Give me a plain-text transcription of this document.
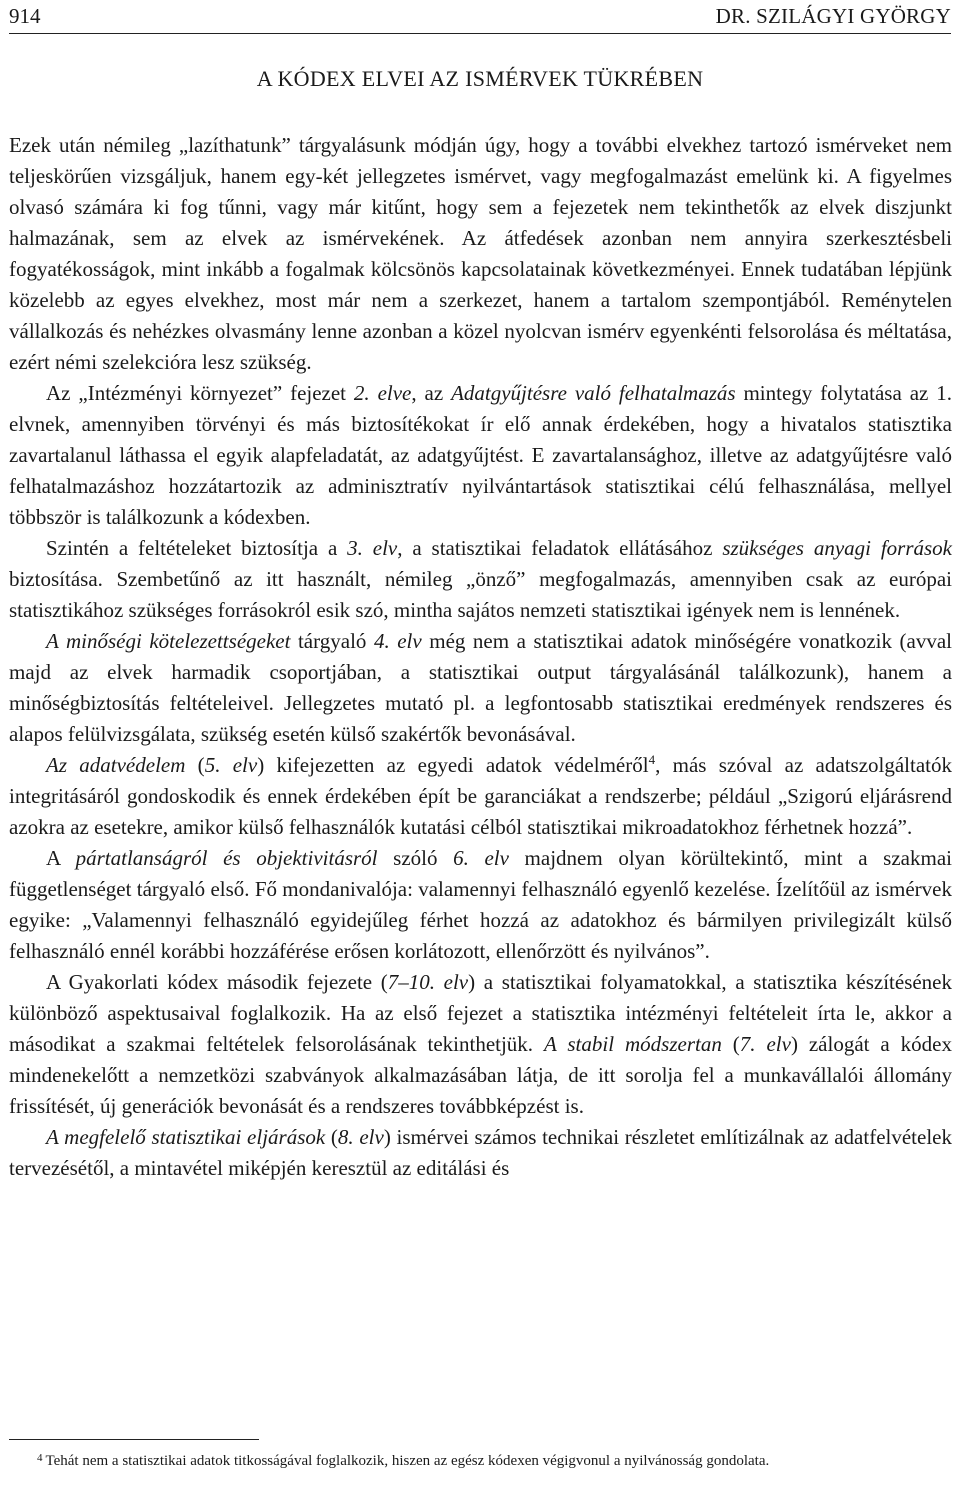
914	DR. SZILÁGYI GYÖRGY
A KÓDEX ELVEI AZ ISMÉRVEK TÜKRÉBEN

Ezek után némileg „lazíthatunk” tárgyalásunk módján úgy, hogy a további elvekhez tartozó ismérveket nem teljeskörűen vizsgáljuk, hanem egy-két jellegzetes ismérvet, vagy megfogalmazást emelünk ki. A figyelmes olvasó számára ki fog tűnni, vagy már kitűnt, hogy sem a fejezetek nem tekinthetők az elvek diszjunkt halmazának, sem az elvek az ismérvekének. Az átfedések azonban nem annyira szerkesztésbeli fogyatékosságok, mint inkább a fogalmak kölcsönös kapcsolatainak következményei. Ennek tudatában lépjünk közelebb az egyes elvekhez, most már nem a szerkezet, hanem a tartalom szempontjából. Reménytelen vállalkozás és nehézkes olvasmány lenne azonban a közel nyolcvan ismérv egyenkénti felsorolása és méltatása, ezért némi szelekcióra lesz szükség.

Az „Intézményi környezet” fejezet 2. elve, az Adatgyűjtésre való felhatalmazás mintegy folytatása az 1. elvnek, amennyiben törvényi és más biztosítékokat ír elő annak érdekében, hogy a hivatalos statisztika zavartalanul láthassa el egyik alapfeladatát, az adatgyűjtést. E zavartalansághoz, illetve az adatgyűjtésre való felhatalmazáshoz hozzátartozik az adminisztratív nyilvántartások statisztikai célú felhasználása, mellyel többször is találkozunk a kódexben.

Szintén a feltételeket biztosítja a 3. elv, a statisztikai feladatok ellátásához szükséges anyagi források biztosítása. Szembetűnő az itt használt, némileg „önző” megfogalmazás, amennyiben csak az európai statisztikához szükséges forrásokról esik szó, mintha sajátos nemzeti statisztikai igények nem is lennének.

A minőségi kötelezettségeket tárgyaló 4. elv még nem a statisztikai adatok minőségére vonatkozik (avval majd az elvek harmadik csoportjában, a statisztikai output tárgyalásánál találkozunk), hanem a minőségbiztosítás feltételeivel. Jellegzetes mutató pl. a legfontosabb statisztikai eredmények rendszeres és alapos felülvizsgálata, szükség esetén külső szakértők bevonásával.

Az adatvédelem (5. elv) kifejezetten az egyedi adatok védelméről$^4$, más szóval az adatszolgáltatók integritásáról gondoskodik és ennek érdekében épít be garanciákat a rendszerbe; például „Szigorú eljárásrend azokra az esetekre, amikor külső felhasználók kutatási célból statisztikai mikroadatokhoz férhetnek hozzá”.

A pártatlanságról és objektivitásról szóló 6. elv majdnem olyan körültekintő, mint a szakmai függetlenséget tárgyaló első. Fő mondanivalója: valamennyi felhasználó egyenlő kezelése. Ízelítőül az ismérvek egyike: „Valamennyi felhasználó egyidejűleg férhet hozzá az adatokhoz és bármilyen privilegizált külső felhasználó ennél korábbi hozzáférése erősen korlátozott, ellenőrzött és nyilvános”.

A Gyakorlati kódex második fejezete (7–10. elv) a statisztikai folyamatokkal, a statisztika készítésének különböző aspektusaival foglalkozik. Ha az első fejezet a statisztika intézményi feltételeit írta le, akkor a másodikat a szakmai feltételek felsorolásának tekinthetjük. A stabil módszertan (7. elv) zálogát a kódex mindenekelőtt a nemzetközi szabványok alkalmazásában látja, de itt sorolja fel a munkavállalói állomány frissítését, új generációk bevonását és a rendszeres továbbképzést is.

A megfelelő statisztikai eljárások (8. elv) ismérvei számos technikai részletet említizálnak az adatfelvételek tervezésétől, a mintavétel miképjén keresztül az editálási és

$^4$ Tehát nem a statisztikai adatok titkosságával foglalkozik, hiszen az egész kódexen végigvonul a nyilvánosság gondolata.
